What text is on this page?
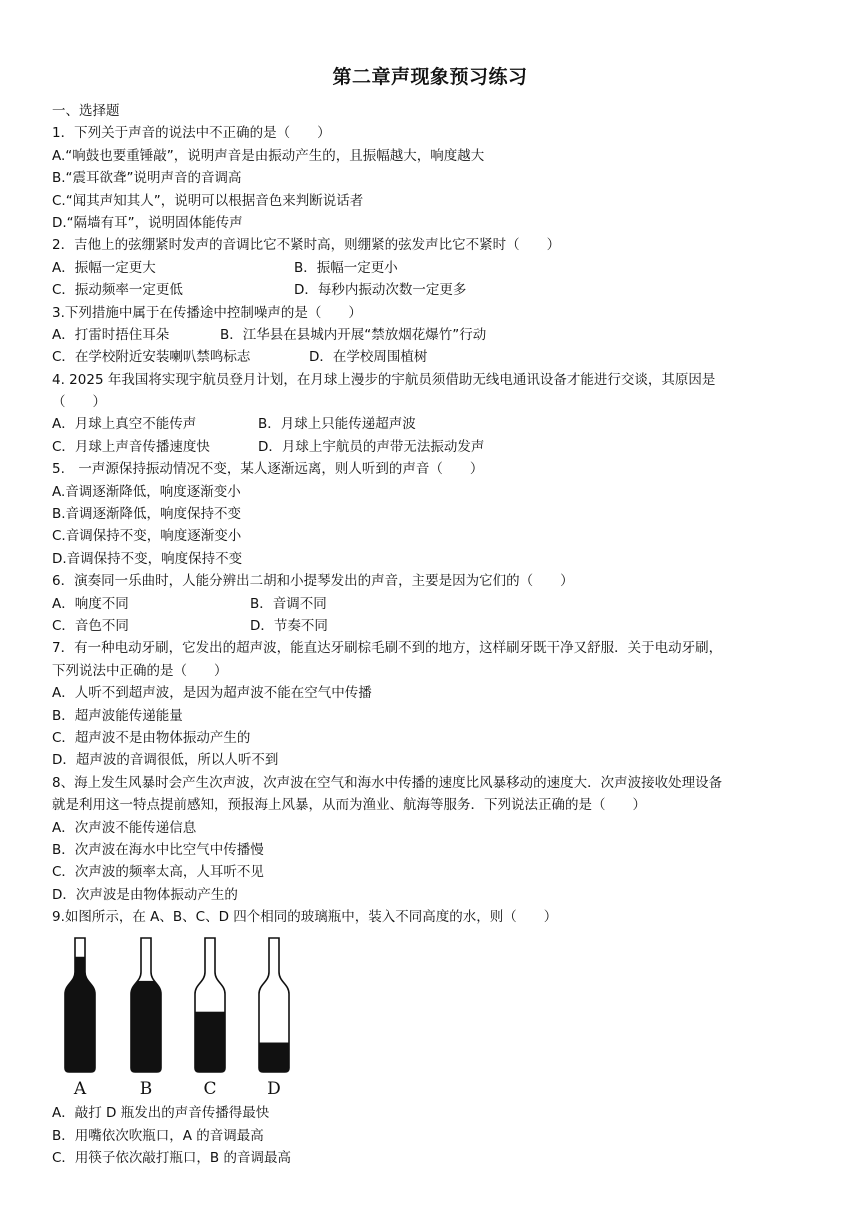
第二章声现象预习练习
一、选择题
1．下列关于声音的说法中不正确的是（　　）
A.“响鼓也要重锤敲”，说明声音是由振动产生的，且振幅越大，响度越大
B.“震耳欲聋”说明声音的音调高
C.“闻其声知其人”，说明可以根据音色来判断说话者
D.“隔墙有耳”，说明固体能传声
2．吉他上的弦绷紧时发声的音调比它不紧时高，则绷紧的弦发声比它不紧时（　　）
A．振幅一定更大	B．振幅一定更小
C．振动频率一定更低	D．每秒内振动次数一定更多
3.下列措施中属于在传播途中控制噪声的是（　　）
A．打雷时捂住耳朵	B．江华县在县城内开展“禁放烟花爆竹”行动
C．在学校附近安装喇叭禁鸣标志	D．在学校周围植树
4. 2025 年我国将实现宇航员登月计划，在月球上漫步的宇航员须借助无线电通讯设备才能进行交谈，其原因是
（　　）
A．月球上真空不能传声	B．月球上只能传递超声波
C．月球上声音传播速度快	D．月球上宇航员的声带无法振动发声
5.　一声源保持振动情况不变，某人逐渐远离，则人听到的声音（　　）
A.音调逐渐降低，响度逐渐变小
B.音调逐渐降低，响度保持不变
C.音调保持不变，响度逐渐变小
D.音调保持不变，响度保持不变
6．演奏同一乐曲时，人能分辨出二胡和小提琴发出的声音，主要是因为它们的（　　）
A．响度不同	B．音调不同
C．音色不同	D．节奏不同
7．有一种电动牙刷，它发出的超声波，能直达牙刷棕毛刷不到的地方，这样刷牙既干净又舒服．关于电动牙刷，
下列说法中正确的是（　　）
A．人听不到超声波，是因为超声波不能在空气中传播
B．超声波能传递能量
C．超声波不是由物体振动产生的
D．超声波的音调很低，所以人听不到
8、海上发生风暴时会产生次声波，次声波在空气和海水中传播的速度比风暴移动的速度大．次声波接收处理设备
就是利用这一特点提前感知，预报海上风暴，从而为渔业、航海等服务．下列说法正确的是（　　）
A．次声波不能传递信息
B．次声波在海水中比空气中传播慢
C．次声波的频率太高，人耳听不见
D．次声波是由物体振动产生的
9.如图所示，在 A、B、C、D 四个相同的玻璃瓶中，装入不同高度的水，则（　　）
A	B	C	D
A．敲打 D 瓶发出的声音传播得最快
B．用嘴依次吹瓶口，A 的音调最高
C．用筷子依次敲打瓶口，B 的音调最高
